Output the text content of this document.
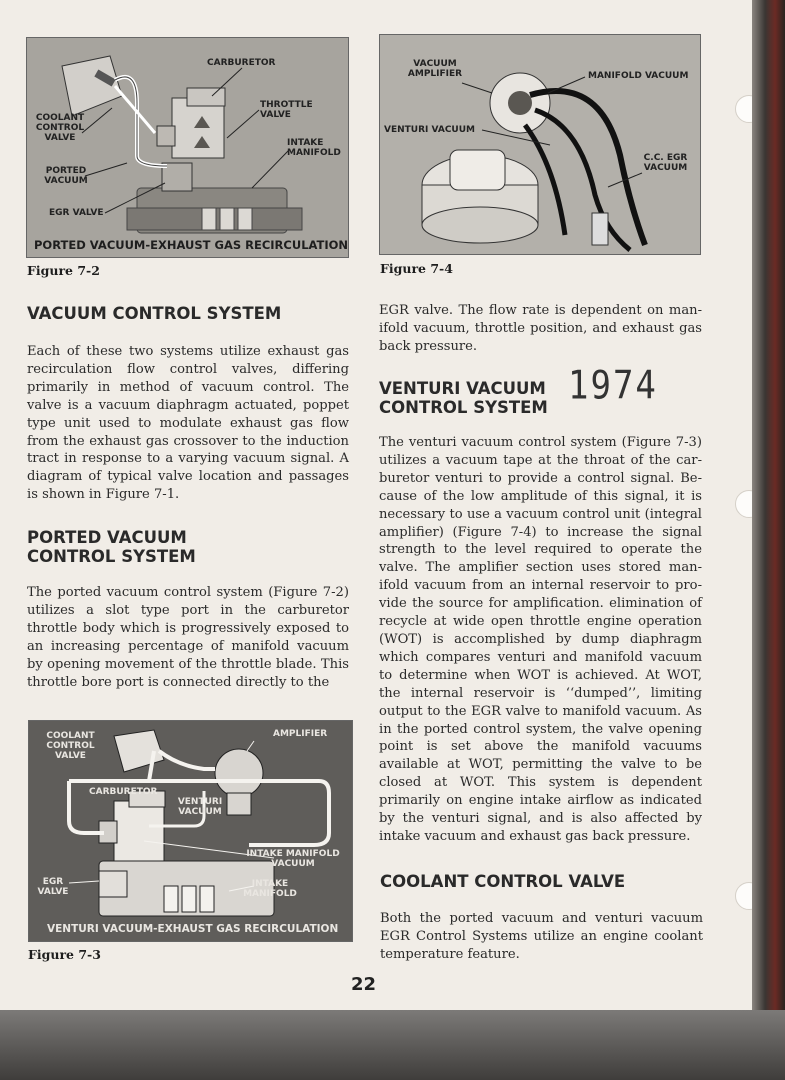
CARBURETOR
THROTTLE VALVE
INTAKE MANIFOLD
COOLANT CONTROL VALVE
PORTED VACUUM
EGR VALVE
PORTED VACUUM-EXHAUST GAS RECIRCULATION
Figure 7-2
VACUUM AMPLIFIER	MANIFOLD VACUUM
VENTURI VACUUM
C.C. EGR VACUUM
Figure 7-4
VACUUM CONTROL SYSTEM

Each of these two systems utilize exhaust gas recirculation flow control valves, differing primarily in method of vacuum control. The valve is a vacuum diaphragm actuated, poppet type unit used to modulate exhaust gas flow from the exhaust gas crossover to the induction tract in response to a varying vacuum signal. A diagram of typical valve location and passages is shown in Figure 7-1.

PORTED VACUUM CONTROL SYSTEM

The ported vacuum control system (Figure 7-2) utilizes a slot type port in the carburetor throttle body which is progressively exposed to an increasing percentage of manifold vacuum by opening movement of the throttle blade. This throttle bore port is connected directly to the

COOLANT CONTROL VALVE
AMPLIFIER
CARBURETOR
VENTURI VACUUM
INTAKE MANIFOLD VACUUM
EGR VALVE
INTAKE MANIFOLD
VENTURI VACUUM-EXHAUST GAS RECIRCULATION
Figure 7-3

EGR valve. The flow rate is dependent on manifold vacuum, throttle position, and exhaust gas back pressure.

VENTURI VACUUM CONTROL SYSTEM 1974

The venturi vacuum control system (Figure 7-3) utilizes a vacuum tape at the throat of the carburetor venturi to provide a control signal. Because of the low amplitude of this signal, it is necessary to use a vacuum control unit (integral amplifier) (Figure 7-4) to increase the signal strength to the level required to operate the valve. The amplifier section uses stored manifold vacuum from an internal reservoir to provide the source for amplification. elimination of recycle at wide open throttle engine operation (WOT) is accomplished by dump diaphragm which compares venturi and manifold vacuum to determine when WOT is achieved. At WOT, the internal reservoir is ‘‘dumped’’, limiting output to the EGR valve to manifold vacuum. As in the ported control system, the valve opening point is set above the manifold vacuums available at WOT, permitting the valve to be closed at WOT. This system is dependent primarily on engine intake airflow as indicated by the venturi signal, and is also affected by intake vacuum and exhaust gas back pressure.

COOLANT CONTROL VALVE

Both the ported vacuum and venturi vacuum EGR Control Systems utilize an engine coolant temperature feature.

22
